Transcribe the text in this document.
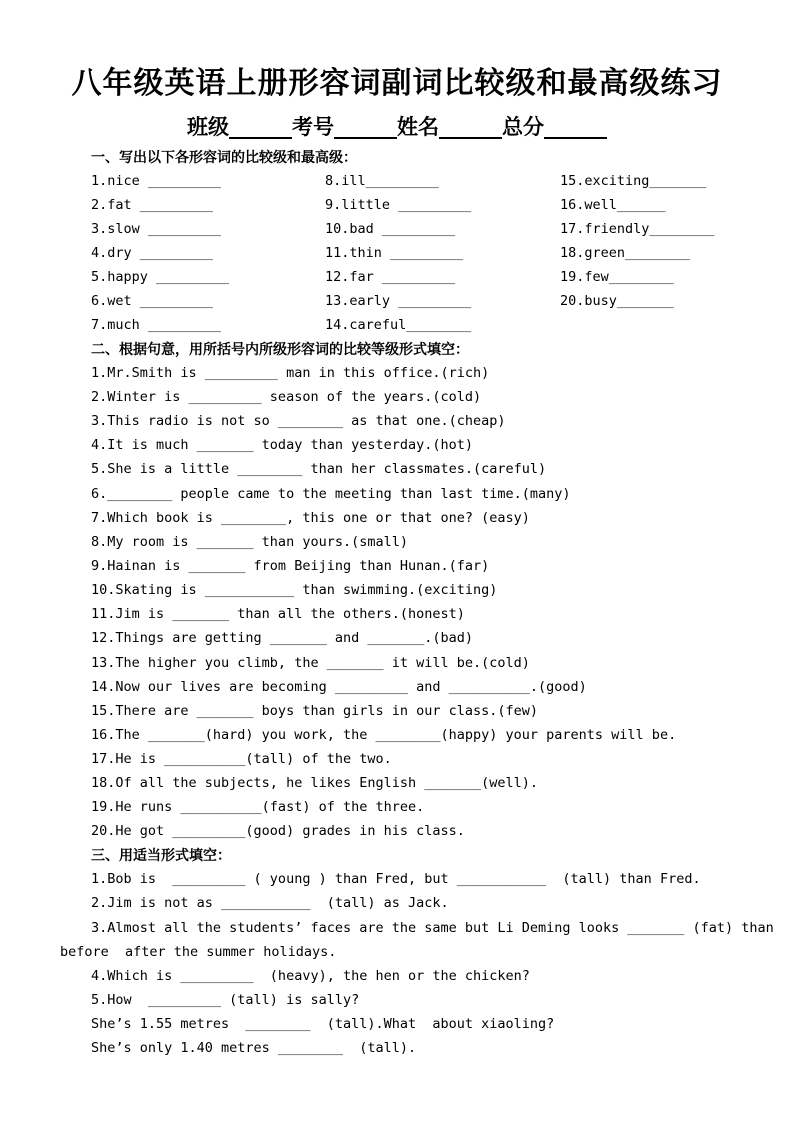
八年级英语上册形容词副词比较级和最高级练习
班级______考号______姓名______总分______
一、写出以下各形容词的比较级和最高级：
1.nice _________
2.fat _________
3.slow _________
4.dry _________
5.happy _________
6.wet _________
7.much _________
8.ill_________
9.little _________
10.bad _________
11.thin _________
12.far _________
13.early _________
14.careful________
15.exciting_______
16.well______
17.friendly________
18.green________
19.few________
20.busy_______
二、根据句意，用所括号内所级形容词的比较等级形式填空：
1.Mr.Smith is _________ man in this office.(rich)
2.Winter is _________ season of the years.(cold)
3.This radio is not so ________ as that one.(cheap)
4.It is much _______ today than yesterday.(hot)
5.She is a little ________ than her classmates.(careful)
6.________ people came to the meeting than last time.(many)
7.Which book is ________, this one or that one? (easy)
8.My room is _______ than yours.(small)
9.Hainan is _______ from Beijing than Hunan.(far)
10.Skating is ___________ than swimming.(exciting)
11.Jim is _______ than all the others.(honest)
12.Things are getting _______ and _______.(bad)
13.The higher you climb, the _______ it will be.(cold)
14.Now our lives are becoming _________ and __________.(good)
15.There are _______ boys than girls in our class.(few)
16.The _______(hard) you work, the ________(happy) your parents will be.
17.He is __________(tall) of the two.
18.Of all the subjects, he likes English _______(well).
19.He runs __________(fast) of the three.
20.He got _________(good) grades in his class.
三、用适当形式填空：
1.Bob is  _________ ( young ) than Fred, but ___________  (tall) than Fred.
2.Jim is not as ___________  (tall) as Jack.
3.Almost all the students’ faces are the same but Li Deming looks _______ (fat) than
before  after the summer holidays.
4.Which is _________  (heavy), the hen or the chicken?
5.How  _________ (tall) is sally?
She’s 1.55 metres  ________  (tall).What  about xiaoling?
She’s only 1.40 metres ________  (tall).
